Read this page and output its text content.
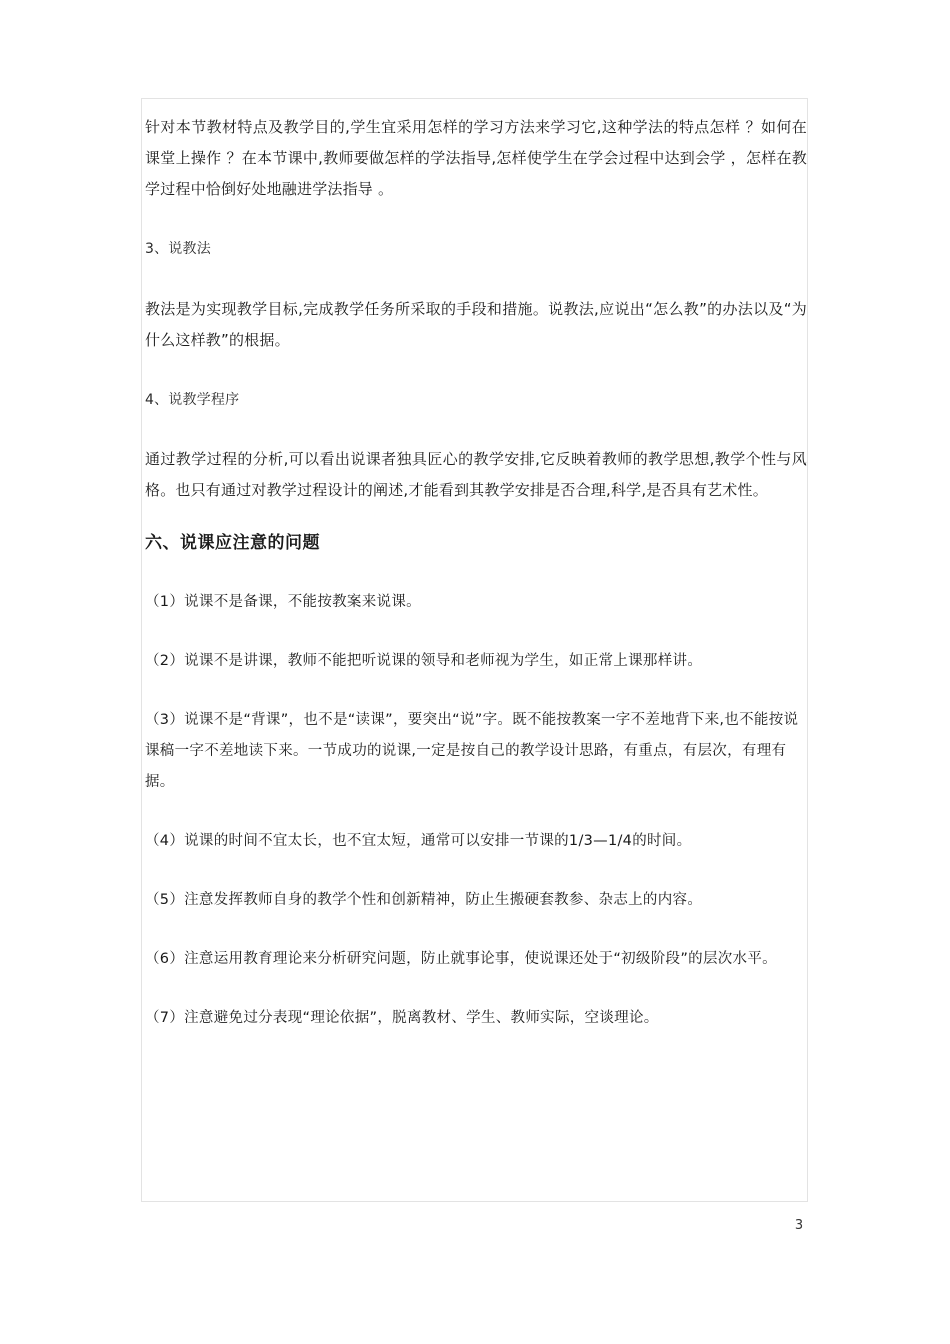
针对本节教材特点及教学目的,学生宜采用怎样的学习方法来学习它,这种学法的特点怎样 ？如何在课堂上操作 ？在本节课中,教师要做怎样的学法指导,怎样使学生在学会过程中达到会学 ，怎样在教学过程中恰倒好处地融进学法指导 。

3、说教法

教法是为实现教学目标,完成教学任务所采取的手段和措施。说教法,应说出“怎么教”的办法以及“为什么这样教”的根据。

4、说教学程序

通过教学过程的分析,可以看出说课者独具匠心的教学安排,它反映着教师的教学思想,教学个性与风格。也只有通过对教学过程设计的阐述,才能看到其教学安排是否合理,科学,是否具有艺术性。

六、说课应注意的问题

（1）说课不是备课，不能按教案来说课。

（2）说课不是讲课，教师不能把听说课的领导和老师视为学生，如正常上课那样讲。

（3）说课不是“背课”，也不是“读课”，要突出“说”字。既不能按教案一字不差地背下来,也不能按说课稿一字不差地读下来。一节成功的说课,一定是按自己的教学设计思路，有重点，有层次，有理有据。

（4）说课的时间不宜太长，也不宜太短，通常可以安排一节课的1/3—1/4的时间。

（5）注意发挥教师自身的教学个性和创新精神，防止生搬硬套教参、杂志上的内容。

（6）注意运用教育理论来分析研究问题，防止就事论事，使说课还处于“初级阶段”的层次水平。

（7）注意避免过分表现“理论依据”，脱离教材、学生、教师实际，空谈理论。

3
